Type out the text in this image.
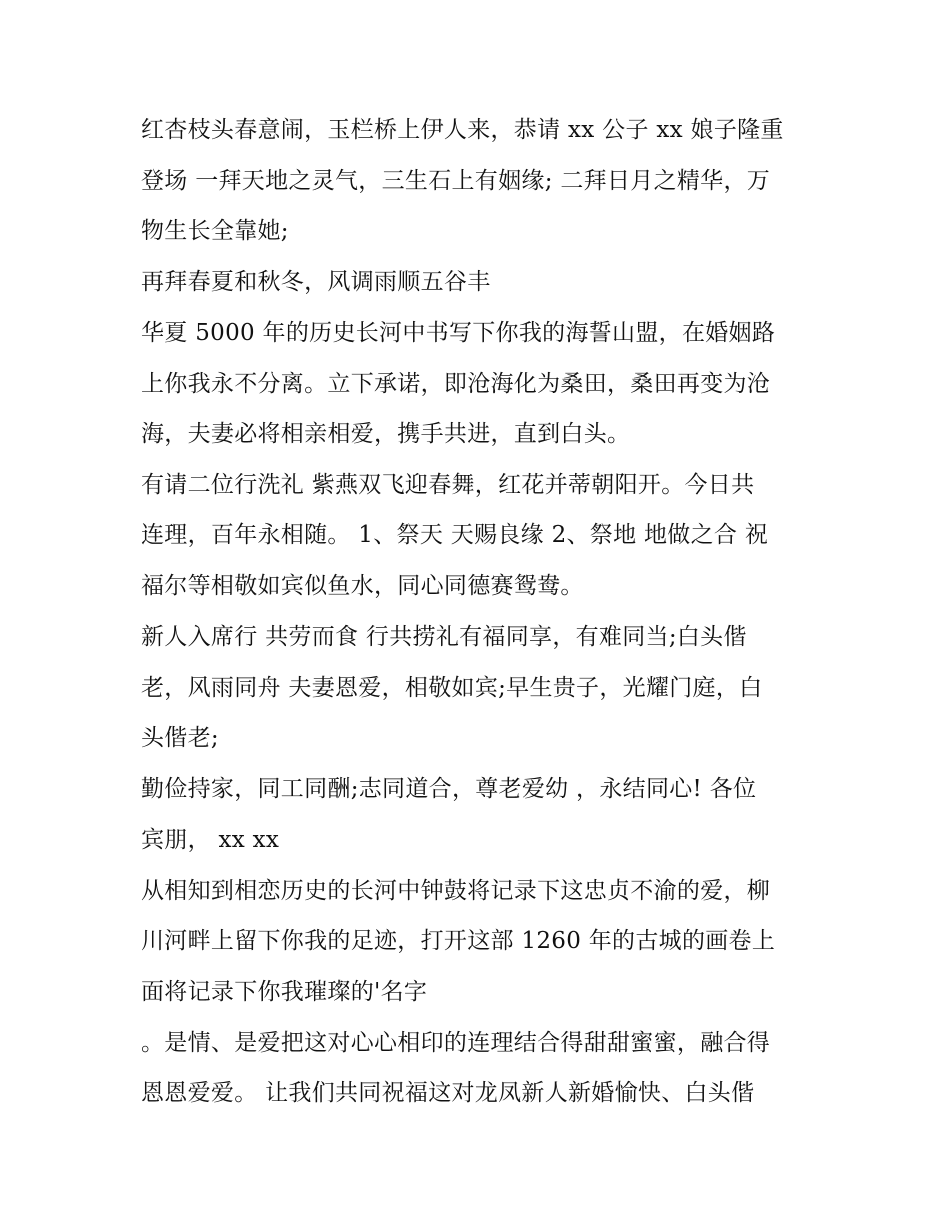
红杏枝头春意闹，玉栏桥上伊人来，恭请 xx 公子 xx 娘子隆重
登场 一拜天地之灵气，三生石上有姻缘; 二拜日月之精华，万
物生长全靠她;
再拜春夏和秋冬，风调雨顺五谷丰
华夏 5000 年的历史长河中书写下你我的海誓山盟，在婚姻路
上你我永不分离。立下承诺，即沧海化为桑田，桑田再变为沧
海，夫妻必将相亲相爱，携手共进，直到白头。
有请二位行洗礼 紫燕双飞迎春舞，红花并蒂朝阳开。今日共
连理，百年永相随。 1、祭天 天赐良缘 2、祭地 地做之合 祝
福尔等相敬如宾似鱼水，同心同德赛鸳鸯。
新人入席行 共劳而食 行共捞礼有福同享，有难同当;白头偕
老，风雨同舟 夫妻恩爱，相敬如宾;早生贵子，光耀门庭，白
头偕老;
勤俭持家，同工同酬;志同道合，尊老爱幼 ，永结同心! 各位
宾朋， xx xx
从相知到相恋历史的长河中钟鼓将记录下这忠贞不渝的爱，柳
川河畔上留下你我的足迹，打开这部 1260 年的古城的画卷上
面将记录下你我璀璨的'名字
。是情、是爱把这对心心相印的连理结合得甜甜蜜蜜，融合得
恩恩爱爱。 让我们共同祝福这对龙凤新人新婚愉快、白头偕
